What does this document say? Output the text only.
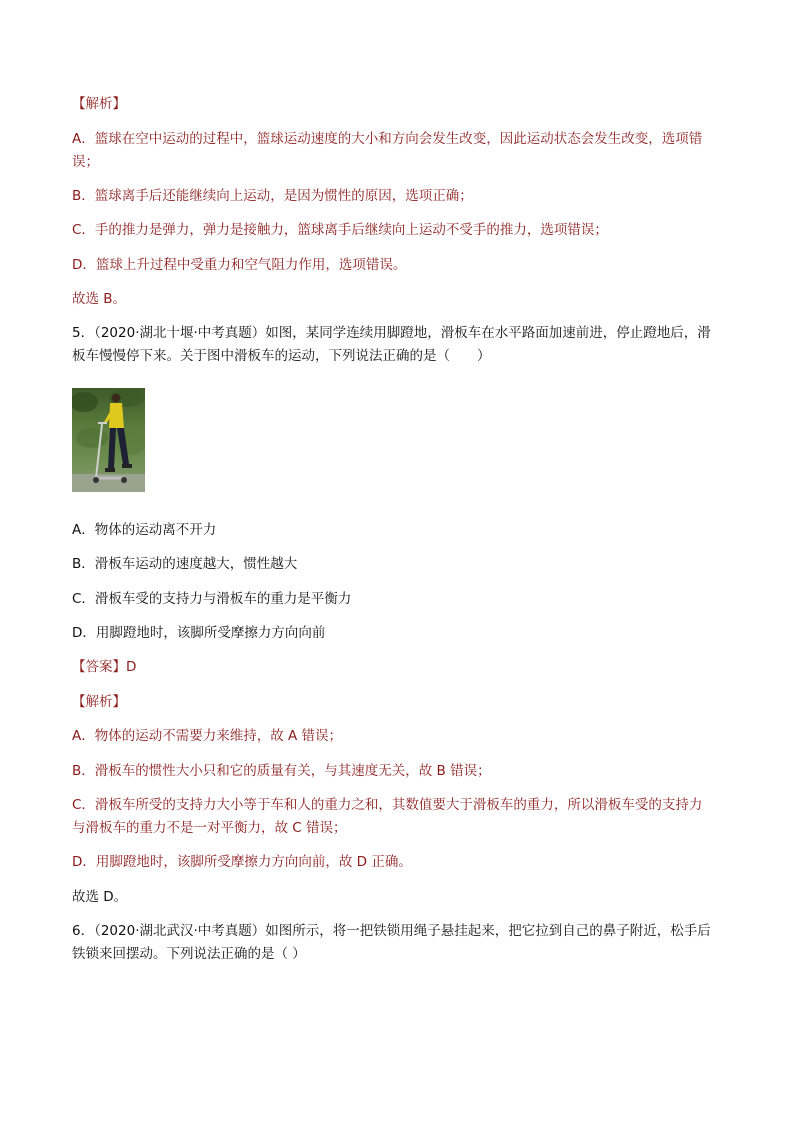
【解析】
A．篮球在空中运动的过程中，篮球运动速度的大小和方向会发生改变，因此运动状态会发生改变，选项错
误；
B．篮球离手后还能继续向上运动，是因为惯性的原因，选项正确；
C．手的推力是弹力，弹力是接触力，篮球离手后继续向上运动不受手的推力，选项错误；
D．篮球上升过程中受重力和空气阻力作用，选项错误。
故选 B。
5．（2020·湖北十堰·中考真题）如图，某同学连续用脚蹬地，滑板车在水平路面加速前进，停止蹬地后，滑
板车慢慢停下来。关于图中滑板车的运动，下列说法正确的是（　　）
A．物体的运动离不开力
B．滑板车运动的速度越大，惯性越大
C．滑板车受的支持力与滑板车的重力是平衡力
D．用脚蹬地时，该脚所受摩擦力方向向前
【答案】D
【解析】
A．物体的运动不需要力来维持，故 A 错误；
B．滑板车的惯性大小只和它的质量有关，与其速度无关，故 B 错误；
C．滑板车所受的支持力大小等于车和人的重力之和，其数值要大于滑板车的重力，所以滑板车受的支持力
与滑板车的重力不是一对平衡力，故 C 错误；
D．用脚蹬地时，该脚所受摩擦力方向向前，故 D 正确。
故选 D。
6．（2020·湖北武汉·中考真题）如图所示，将一把铁锁用绳子悬挂起来，把它拉到自己的鼻子附近，松手后
铁锁来回摆动。下列说法正确的是（ ）
